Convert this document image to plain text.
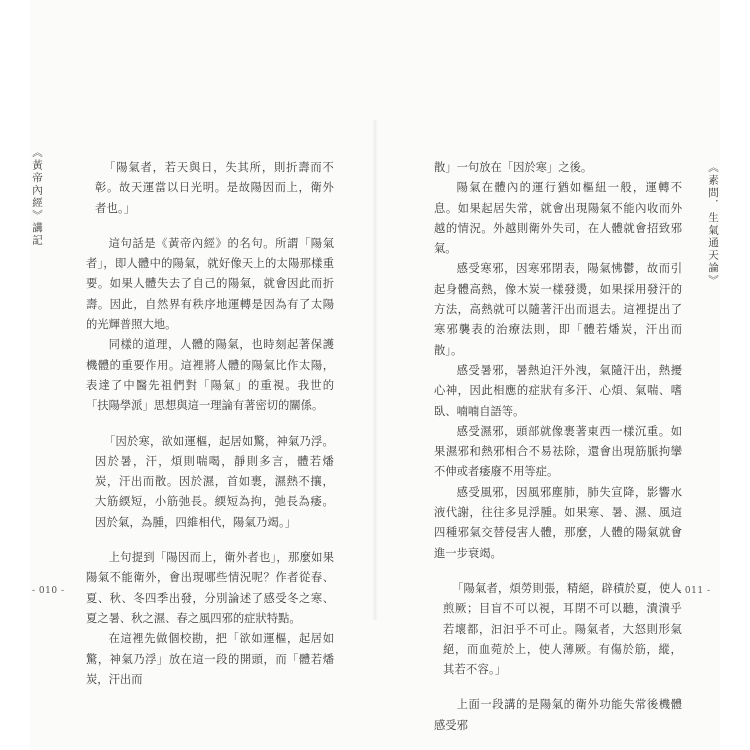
《黃帝內經》講記	《素問．生氣通天論》

「陽氣者，若天與日，失其所，則折壽而不彰。故天運當以日光明。是故陽因而上，衛外者也。」

這句話是《黃帝內經》的名句。所謂「陽氣者」，即人體中的陽氣，就好像天上的太陽那樣重要。如果人體失去了自己的陽氣，就會因此而折壽。因此，自然界有秩序地運轉是因為有了太陽的光輝普照大地。

同樣的道理，人體的陽氣，也時刻起著保護機體的重要作用。這裡將人體的陽氣比作太陽，表達了中醫先祖們對「陽氣」的重視。我世的「扶陽學派」思想與這一理論有著密切的關係。

「因於寒，欲如運樞，起居如驚，神氣乃浮。因於暑，汗，煩則喘喝，靜則多言，體若燔炭，汗出而散。因於濕，首如裹，濕熱不攘，大筋緛短，小筋弛長。緛短為拘，弛長為痿。因於氣，為腫，四維相代，陽氣乃竭。」

上句提到「陽因而上，衛外者也」，那麼如果陽氣不能衛外，會出現哪些情況呢？作者從春、夏、秋、冬四季出發，分別論述了感受冬之寒、夏之暑、秋之濕、春之風四邪的症狀特點。

在這裡先做個校勘，把「欲如運樞，起居如驚，神氣乃浮」放在這一段的開頭，而「體若燔炭，汗出而

散」一句放在「因於寒」之後。

陽氣在體內的運行猶如樞紐一般，運轉不息。如果起居失常，就會出現陽氣不能內收而外越的情況。外越則衛外失司，在人體就會招致邪氣。

感受寒邪，因寒邪閉表，陽氣怫鬱，故而引起身體高熱，像木炭一樣發燙，如果採用發汗的方法，高熱就可以隨著汗出而退去。這裡提出了寒邪襲表的治療法則，即「體若燔炭，汗出而散」。

感受暑邪，暑熱迫汗外洩，氣隨汗出，熱擾心神，因此相應的症狀有多汗、心煩、氣喘、嗜臥、喃喃自語等。

感受濕邪，頭部就像裹著東西一樣沉重。如果濕邪和熱邪相合不易祛除，還會出現筋脈拘攣不伸或者痿廢不用等症。

感受風邪，因風邪塵肺，肺失宣降，影響水液代謝，往往多見浮腫。如果寒、暑、濕、風這四種邪氣交替侵害人體，那麼，人體的陽氣就會進一步衰竭。

「陽氣者，煩勞則張，精絕，辟積於夏，使人煎厥；目盲不可以視，耳閉不可以聽，潰潰乎若壞都，汩汩乎不可止。陽氣者，大怒則形氣絕，而血菀於上，使人薄厥。有傷於筋，縱，其若不容。」

上面一段講的是陽氣的衛外功能失常後機體感受邪

- 010 -	- 011 -
